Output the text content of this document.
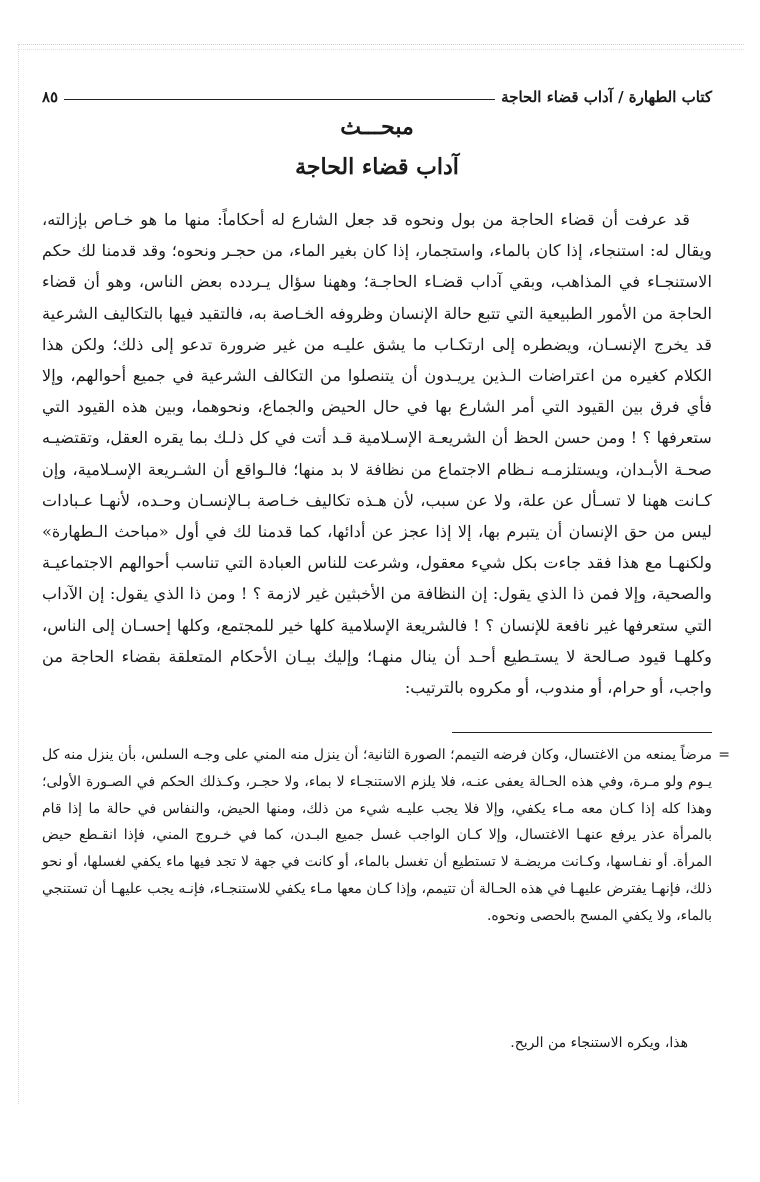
كتاب الطهارة / آداب قضاء الحاجة
٨٥
مبحـــث
آداب قضاء الحاجة
قد عرفت أن قضاء الحاجة من بول ونحوه قد جعل الشارع له أحكاماً: منها ما هو خـاص بإزالته، ويقال له: استنجاء، إذا كان بالماء، واستجمار، إذا كان بغير الماء، من حجـر ونحوه؛ وقد قدمنا لك حكم الاستنجـاء في المذاهب، وبقي آداب قضـاء الحاجـة؛ وههنا سؤال يـردده بعض الناس، وهو أن قضاء الحاجة من الأمور الطبيعية التي تتبع حالة الإنسان وظروفه الخـاصة به، فالتقيد فيها بالتكاليف الشرعية قد يخرج الإنسـان، ويضطره إلى ارتكـاب ما يشق عليـه من غير ضرورة تدعو إلى ذلك؛ ولكن هذا الكلام كغيره من اعتراضات الـذين يريـدون أن يتنصلوا من التكالف الشرعية في جميع أحوالهم، وإلا فأي فرق بين القيود التي أمر الشارع بها في حال الحيض والجماع، ونحوهما، وبين هذه القيود التي ستعرفها ؟ ! ومن حسن الحظ أن الشريعـة الإسـلامية قـد أتت في كل ذلـك بما يقره العقل، وتقتضيـه صحـة الأبـدان، ويستلزمـه نـظام الاجتماع من نظافة لا بد منها؛ فالـواقع أن الشـريعة الإسـلامية، وإن كـانت ههنا لا تسـأل عن علة، ولا عن سبب، لأن هـذه تكاليف خـاصة بـالإنسـان وحـده، لأنهـا عـبادات ليس من حق الإنسان أن يتبرم بها، إلا إذا عجز عن أدائها، كما قدمنا لك في أول «مباحث الـطهارة» ولكنهـا مع هذا فقد جاءت بكل شيء معقول، وشرعت للناس العبادة التي تناسب أحوالهم الاجتماعيـة والصحية، وإلا فمن ذا الذي يقول: إن النظافة من الأخبثين غير لازمة ؟ ! ومن ذا الذي يقول: إن الآداب التي ستعرفها غير نافعة للإنسان ؟ ! فالشريعة الإسلامية كلها خير للمجتمع، وكلها إحسـان إلى الناس، وكلهـا قيود صـالحة لا يستـطيع أحـد أن ينال منهـا؛ وإليك بيـان الأحكام المتعلقة بقضاء الحاجة من واجب، أو حرام، أو مندوب، أو مكروه بالترتيب:
=
مرضاً يمنعه من الاغتسال، وكان فرضه التيمم؛ الصورة الثانية؛ أن ينزل منه المني على وجـه السلس، بأن ينزل منه كل يـوم ولو مـرة، وفي هذه الحـالة يعفى عنـه، فلا يلزم الاستنجـاء لا بماء، ولا حجـر، وكـذلك الحكم في الصـورة الأولى؛ وهذا كله إذا كـان معه مـاء يكفي، وإلا فلا يجب عليـه شيء من ذلك، ومنها الحيض، والنفاس في حالة ما إذا قام بالمرأة عذر يرفع عنهـا الاغتسال، وإلا كـان الواجب غسل جميع البـدن، كما في خـروج المني، فإذا انقـطع حيض المرأة. أو نفـاسها، وكـانت مريضـة لا تستطيع أن تغسل بالماء، أو كانت في جهة لا تجد فيها ماء يكفي لغسلها، أو نحو ذلك، فإنهـا يفترض عليهـا في هذه الحـالة أن تتيمم، وإذا كـان معها مـاء يكفي للاستنجـاء، فإنـه يجب عليهـا أن تستنجي بالماء، ولا يكفي المسح بالحصى ونحوه.
هذا، ويكره الاستنجاء من الريح.
